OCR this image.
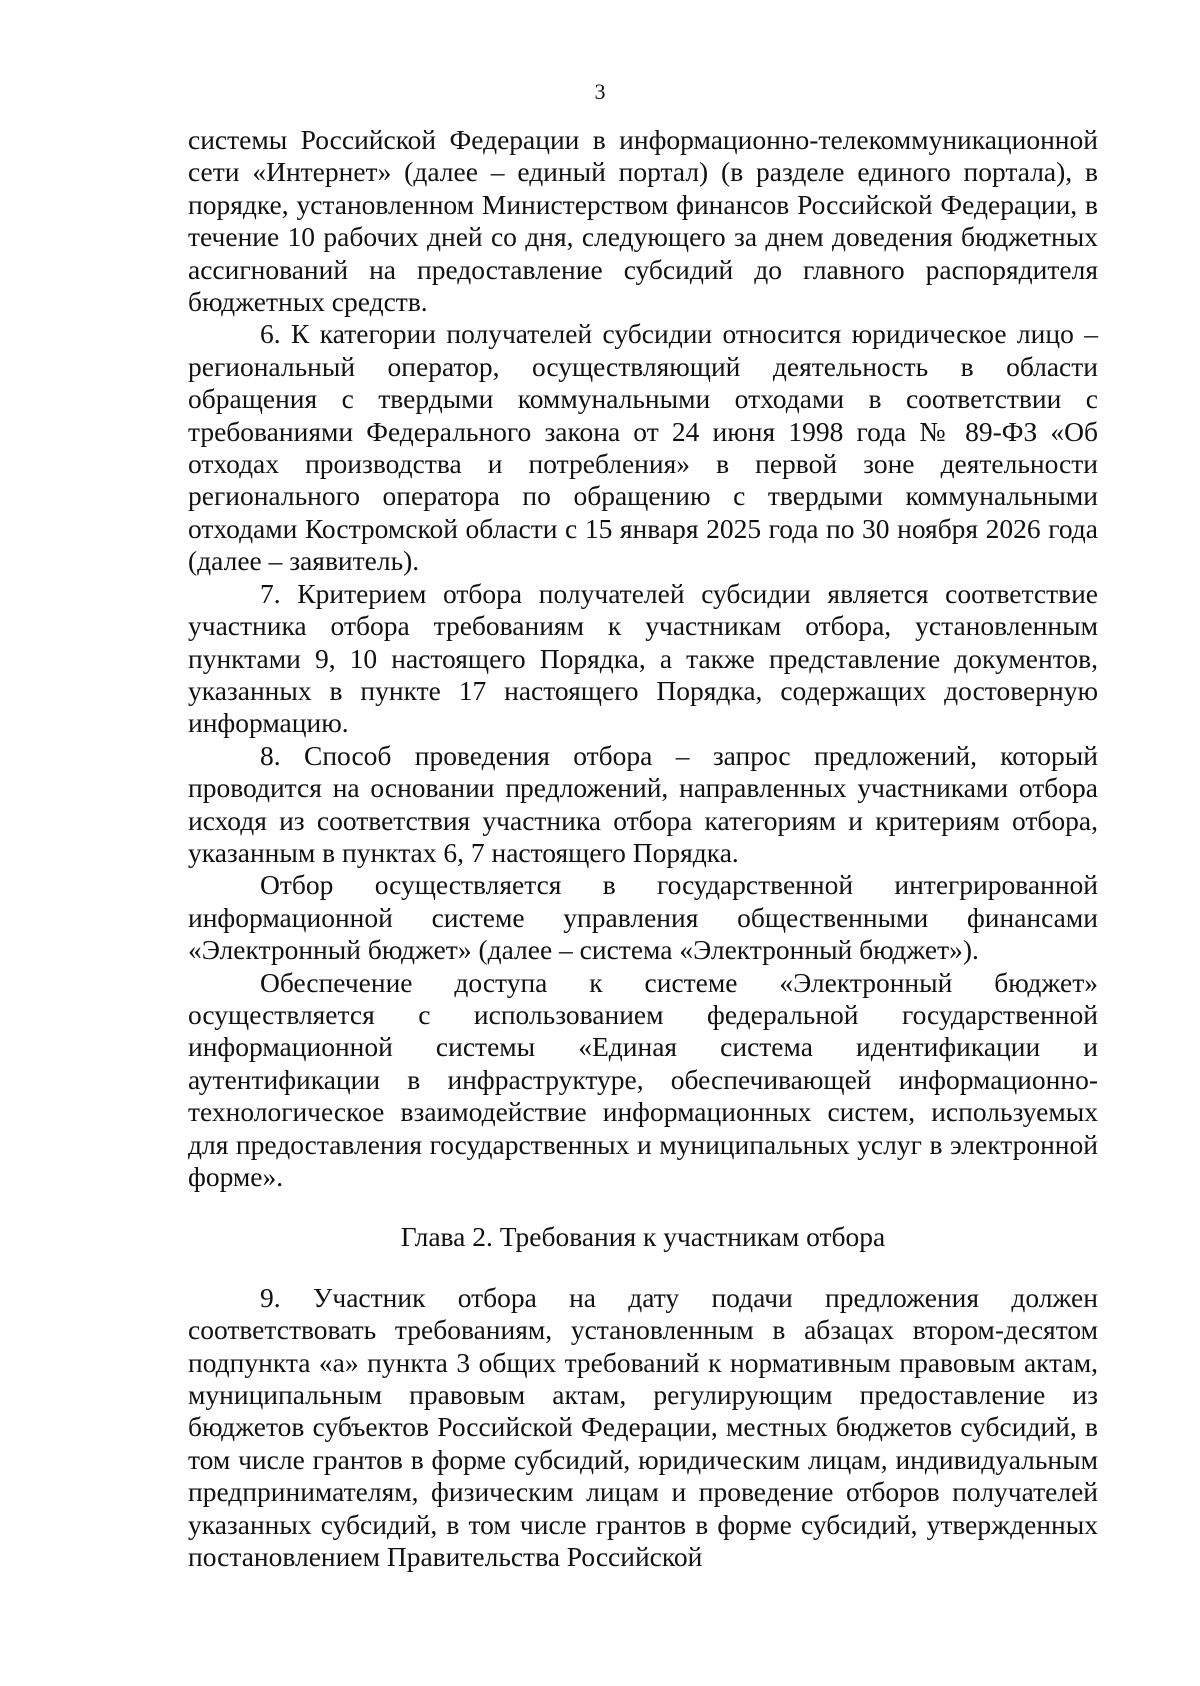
3

системы Российской Федерации в информационно-телекоммуникационной сети «Интернет» (далее – единый портал) (в разделе единого портала), в порядке, установленном Министерством финансов Российской Федерации, в течение 10 рабочих дней со дня, следующего за днем доведения бюджетных ассигнований на предоставление субсидий до главного распорядителя бюджетных средств.

6. К категории получателей субсидии относится юридическое лицо – региональный оператор, осуществляющий деятельность в области обращения с твердыми коммунальными отходами в соответствии с требованиями Федерального закона от 24 июня 1998 года № 89-ФЗ «Об отходах производства и потребления» в первой зоне деятельности регионального оператора по обращению с твердыми коммунальными отходами Костромской области с 15 января 2025 года по 30 ноября 2026 года (далее – заявитель).

7. Критерием отбора получателей субсидии является соответствие участника отбора требованиям к участникам отбора, установленным пунктами 9, 10 настоящего Порядка, а также представление документов, указанных в пункте 17 настоящего Порядка, содержащих достоверную информацию.

8. Способ проведения отбора – запрос предложений, который проводится на основании предложений, направленных участниками отбора исходя из соответствия участника отбора категориям и критериям отбора, указанным в пунктах 6, 7 настоящего Порядка.

Отбор осуществляется в государственной интегрированной информационной системе управления общественными финансами «Электронный бюджет» (далее – система «Электронный бюджет»).

Обеспечение доступа к системе «Электронный бюджет» осуществляется с использованием федеральной государственной информационной системы «Единая система идентификации и аутентификации в инфраструктуре, обеспечивающей информационно-технологическое взаимодействие информационных систем, используемых для предоставления государственных и муниципальных услуг в электронной форме».

Глава 2. Требования к участникам отбора

9. Участник отбора на дату подачи предложения должен соответствовать требованиям, установленным в абзацах втором-десятом подпункта «а» пункта 3 общих требований к нормативным правовым актам, муниципальным правовым актам, регулирующим предоставление из бюджетов субъектов Российской Федерации, местных бюджетов субсидий, в том числе грантов в форме субсидий, юридическим лицам, индивидуальным предпринимателям, физическим лицам и проведение отборов получателей указанных субсидий, в том числе грантов в форме субсидий, утвержденных постановлением Правительства Российской
